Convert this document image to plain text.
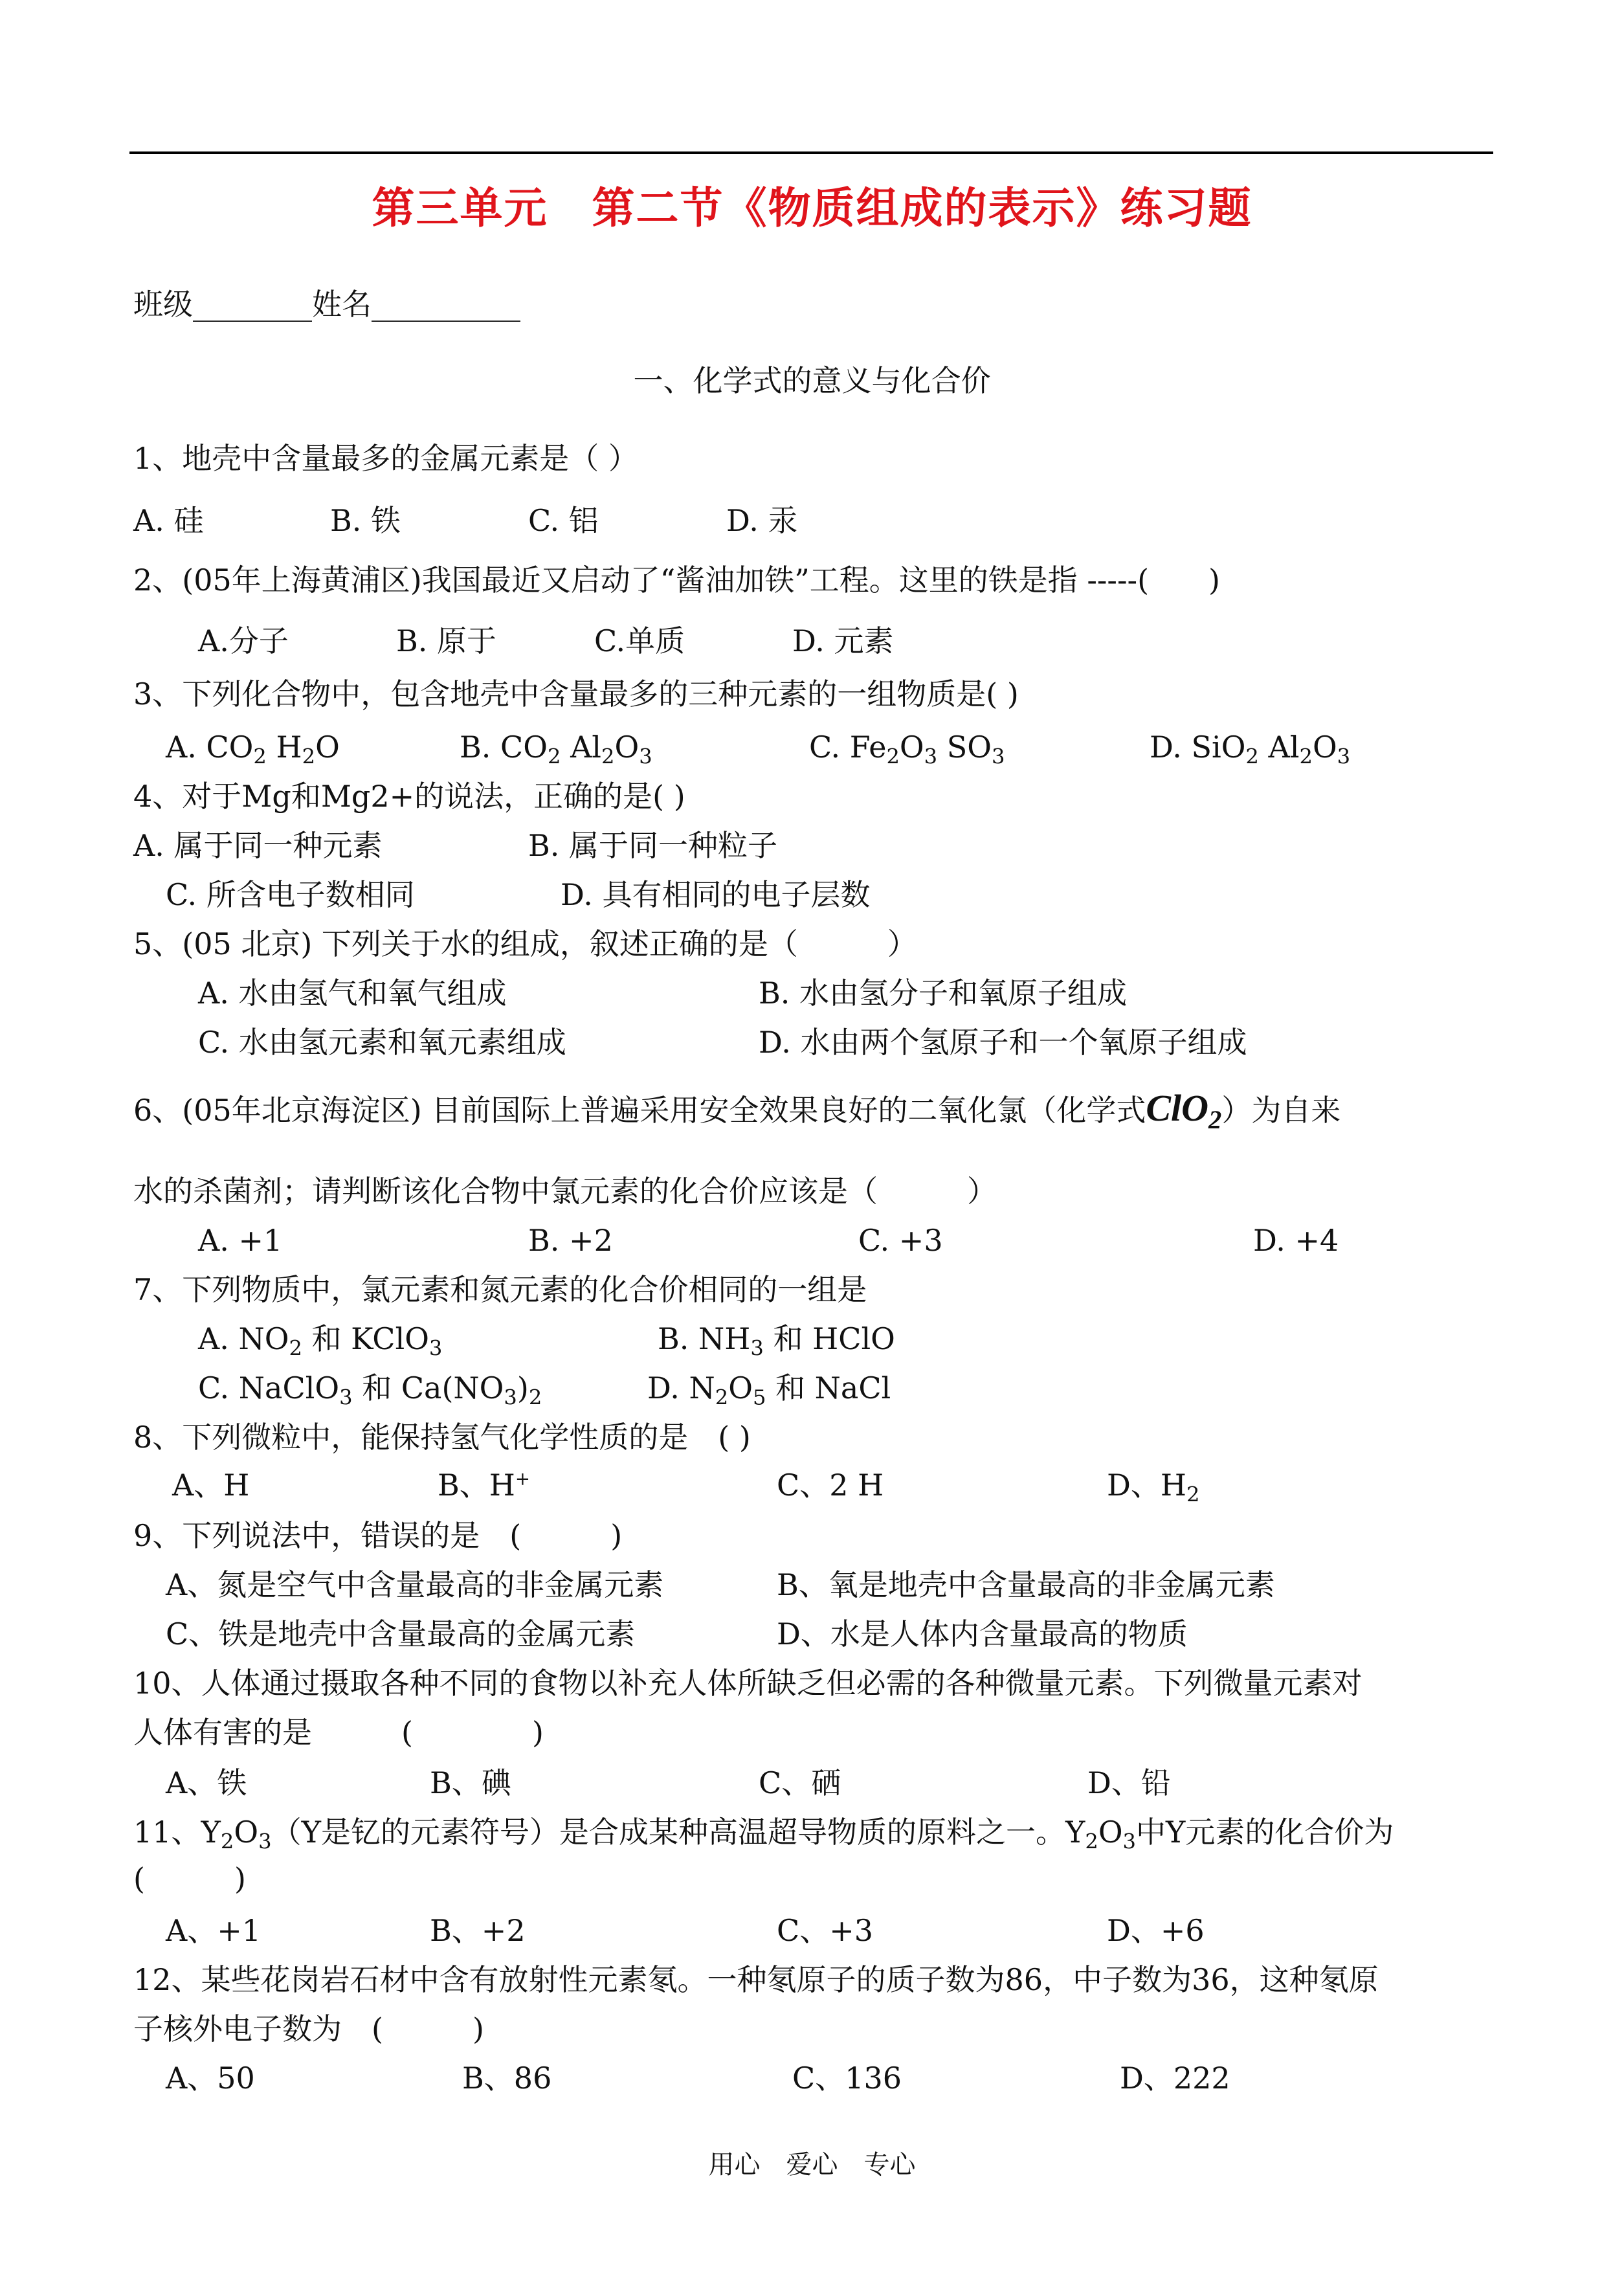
第三单元　第二节《物质组成的表示》练习题
班级________姓名__________
一、化学式的意义与化合价
1、地壳中含量最多的金属元素是（ ）
A. 硅	B. 铁	C. 铝	D. 汞
2、(05年上海黄浦区)我国最近又启动了“酱油加铁”工程。这里的铁是指 -----(　　)
A.分子	B. 原于	C.单质	D. 元素
3、下列化合物中，包含地壳中含量最多的三种元素的一组物质是( )
A. $CO_2$ $H_2O$	B. $CO_2$ $Al_2O_3$	C. $Fe_2O_3$ $SO_3$	D. SiO$_2$ $Al_2O_3$
4、对于Mg和Mg2+的说法，正确的是( )
A. 属于同一种元素	B. 属于同一种粒子
C. 所含电子数相同	D. 具有相同的电子层数
5、(05 北京) 下列关于水的组成，叙述正确的是（　　　）
A. 水由氢气和氧气组成	B. 水由氢分子和氧原子组成
C. 水由氢元素和氧元素组成	D. 水由两个氢原子和一个氧原子组成
6、(05年北京海淀区) 目前国际上普遍采用安全效果良好的二氧化氯（化学式ClO$_2$）为自来
水的杀菌剂；请判断该化合物中氯元素的化合价应该是（　　　）
A. +1	B. +2	C. +3	D. +4
7、下列物质中，氯元素和氮元素的化合价相同的一组是
A. $NO_2$ 和 KClO$_3$	B. $NH_3$ 和 HClO
C. NaClO$_3$ 和 $Ca(NO_3)_2$	D. $N_2O_5$ 和 NaCl
8、下列微粒中，能保持氢气化学性质的是　( )
A、H	B、H+	C、2 H	D、$H_2$
9、下列说法中，错误的是　(　　　)
A、氮是空气中含量最高的非金属元素	B、氧是地壳中含量最高的非金属元素
C、铁是地壳中含量最高的金属元素	D、水是人体内含量最高的物质
10、人体通过摄取各种不同的食物以补充人体所缺乏但必需的各种微量元素。下列微量元素对
人体有害的是　　　(　　　　)
A、铁	B、碘	C、硒	D、铅
11、$Y_2O_3(Y$是钇的元素符号）是合成某种高温超导物质的原料之一。$Y_2O_3$中Y元素的化合价为
(　　　)
A、+1	B、+2	C、+3	D、+6
12、某些花岗岩石材中含有放射性元素氡。一种氡原子的质子数为86，中子数为36，这种氡原
子核外电子数为　(　　　)
A、50	B、86	C、136	D、222
用心　爱心　专心
